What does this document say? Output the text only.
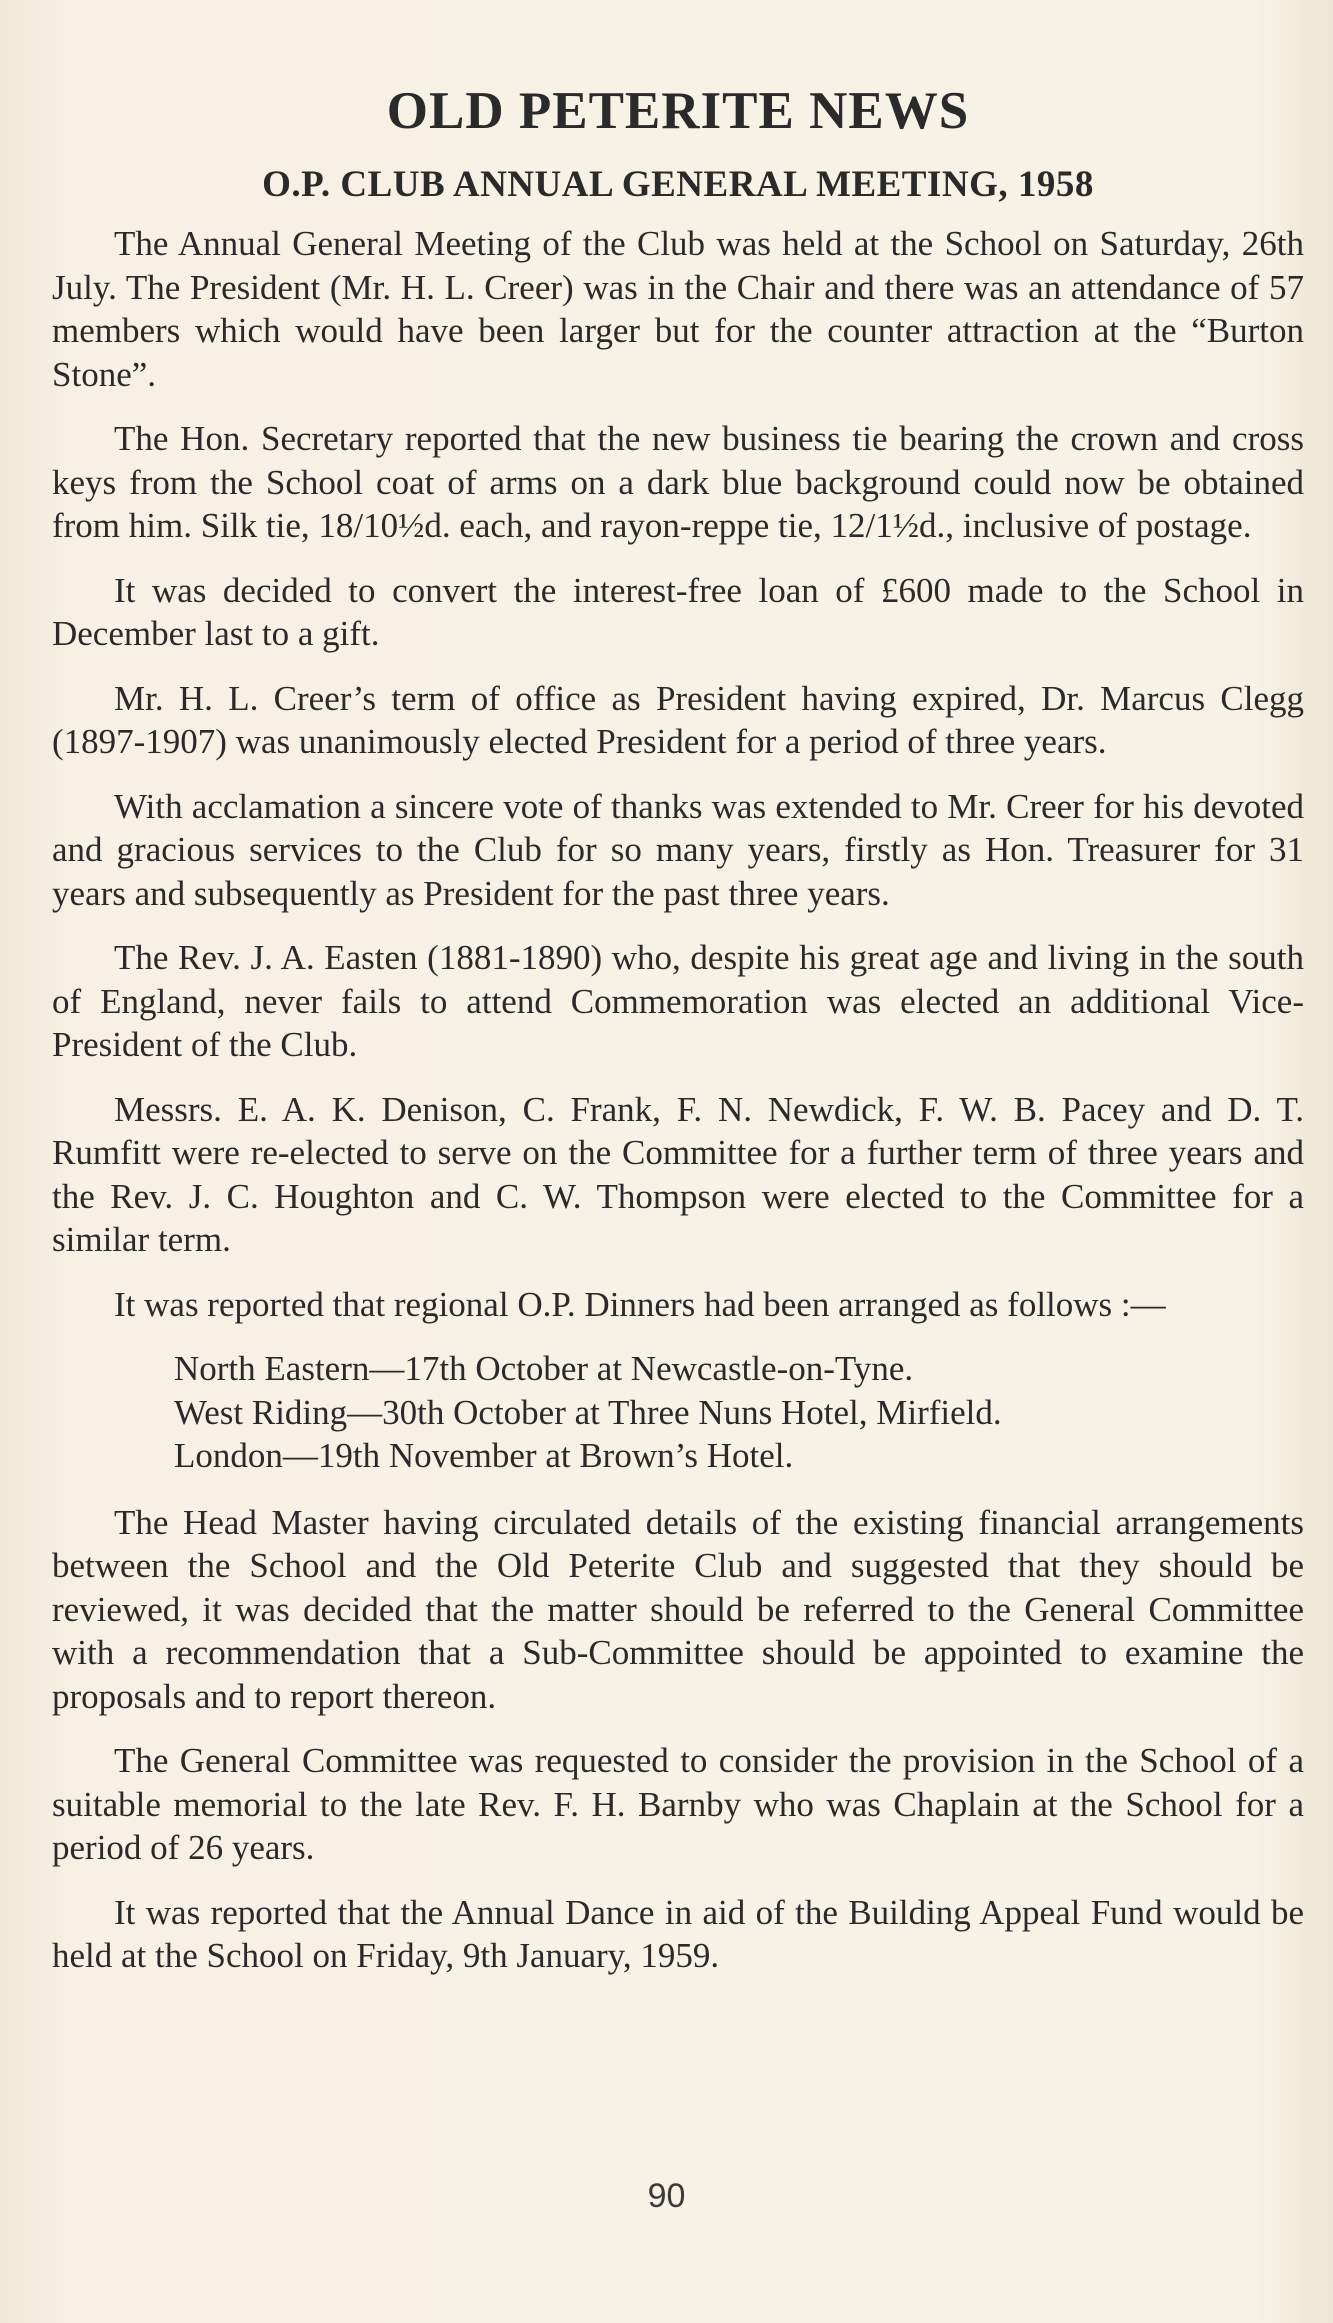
OLD PETERITE NEWS
O.P. CLUB ANNUAL GENERAL MEETING, 1958

The Annual General Meeting of the Club was held at the School on Saturday, 26th July. The President (Mr. H. L. Creer) was in the Chair and there was an attendance of 57 members which would have been larger but for the counter attraction at the “Burton Stone”.

The Hon. Secretary reported that the new business tie bearing the crown and cross keys from the School coat of arms on a dark blue background could now be obtained from him. Silk tie, 18/10½d. each, and rayon-reppe tie, 12/1½d., inclusive of postage.

It was decided to convert the interest-free loan of £600 made to the School in December last to a gift.

Mr. H. L. Creer’s term of office as President having expired, Dr. Marcus Clegg (1897-1907) was unanimously elected President for a period of three years.

With acclamation a sincere vote of thanks was extended to Mr. Creer for his devoted and gracious services to the Club for so many years, firstly as Hon. Treasurer for 31 years and subsequently as President for the past three years.

The Rev. J. A. Easten (1881-1890) who, despite his great age and living in the south of England, never fails to attend Commemoration was elected an additional Vice-President of the Club.

Messrs. E. A. K. Denison, C. Frank, F. N. Newdick, F. W. B. Pacey and D. T. Rumfitt were re-elected to serve on the Committee for a further term of three years and the Rev. J. C. Houghton and C. W. Thompson were elected to the Committee for a similar term.

It was reported that regional O.P. Dinners had been arranged as follows :—

North Eastern—17th October at Newcastle-on-Tyne.
West Riding—30th October at Three Nuns Hotel, Mirfield.
London—19th November at Brown’s Hotel.

The Head Master having circulated details of the existing financial arrangements between the School and the Old Peterite Club and suggested that they should be reviewed, it was decided that the matter should be referred to the General Committee with a recommendation that a Sub-Committee should be appointed to examine the proposals and to report thereon.

The General Committee was requested to consider the provision in the School of a suitable memorial to the late Rev. F. H. Barnby who was Chaplain at the School for a period of 26 years.

It was reported that the Annual Dance in aid of the Building Appeal Fund would be held at the School on Friday, 9th January, 1959.

90
